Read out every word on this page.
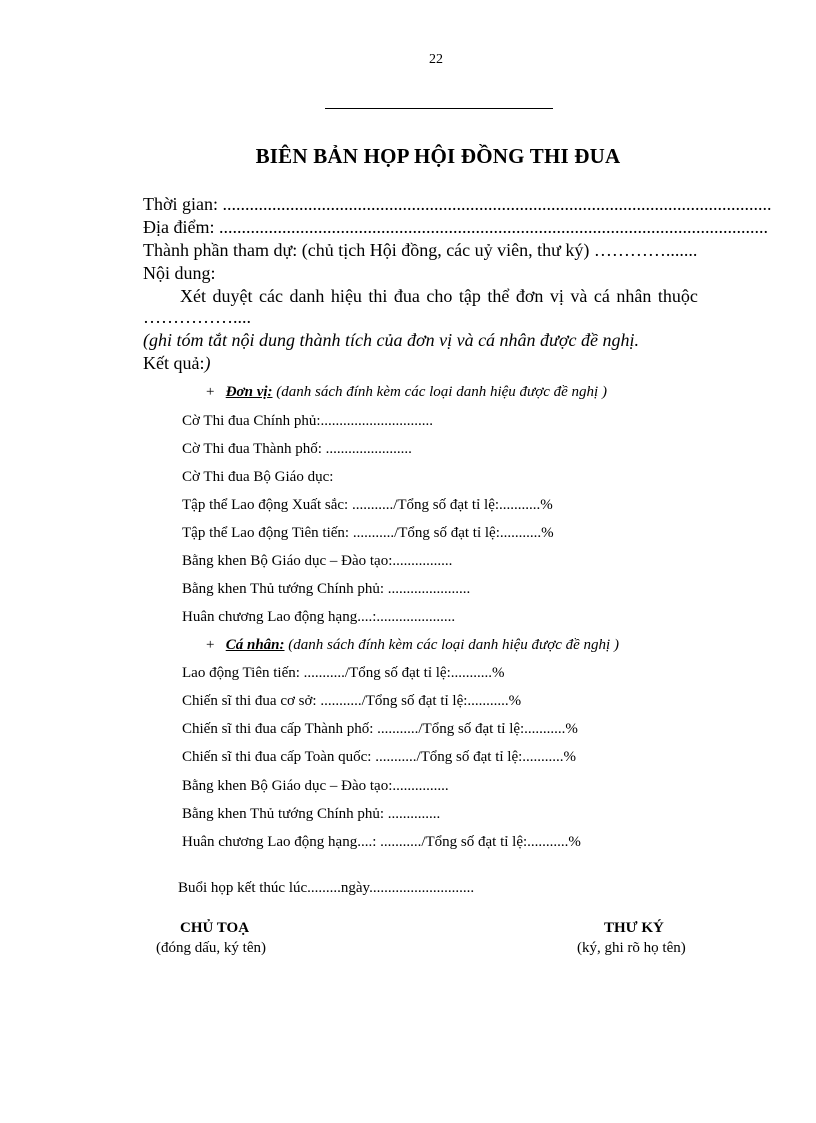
22
BIÊN BẢN HỌP HỘI ĐỒNG THI ĐUA
Thời gian: ..........................................................................................................................
Địa điểm: ..........................................................................................................................
Thành phần tham dự: (chủ tịch Hội đồng, các uỷ viên, thư ký) ………….......
Nội dung:
Xét duyệt các danh hiệu thi đua cho tập thể đơn vị và cá nhân thuộc
……………....
(ghi tóm tắt nội dung thành tích của đơn vị và cá nhân được đề nghị.
Kết quả:)
+ Đơn vị: (danh sách đính kèm các loại danh hiệu được đề nghị )
Cờ Thi đua Chính phủ:..............................
Cờ Thi đua Thành phố: .......................
Cờ Thi đua Bộ Giáo dục:
Tập thể Lao động Xuất sắc: .........../Tổng số đạt tỉ lệ:...........%
Tập thể Lao động Tiên tiến: .........../Tổng số đạt tỉ lệ:...........%
Bằng khen Bộ Giáo dục – Đào tạo:................
Bằng khen Thủ tướng Chính phủ: ......................
Huân chương Lao động hạng....:.....................
+ Cá nhân: (danh sách đính kèm các loại danh hiệu được đề nghị )
Lao động Tiên tiến: .........../Tổng số đạt tỉ lệ:...........%
Chiến sĩ thi đua cơ sở: .........../Tổng số đạt tỉ lệ:...........%
Chiến sĩ thi đua cấp Thành phố: .........../Tổng số đạt tỉ lệ:...........%
Chiến sĩ thi đua cấp Toàn quốc: .........../Tổng số đạt tỉ lệ:...........%
Bằng khen Bộ Giáo dục – Đào tạo:...............
Bằng khen Thủ tướng Chính phủ: ..............
Huân chương Lao động hạng....: .........../Tổng số đạt tỉ lệ:...........%
Buổi họp kết thúc lúc.........ngày............................
CHỦ TOẠ
(đóng dấu, ký tên)
THƯ KÝ
(ký, ghi rõ họ tên)
